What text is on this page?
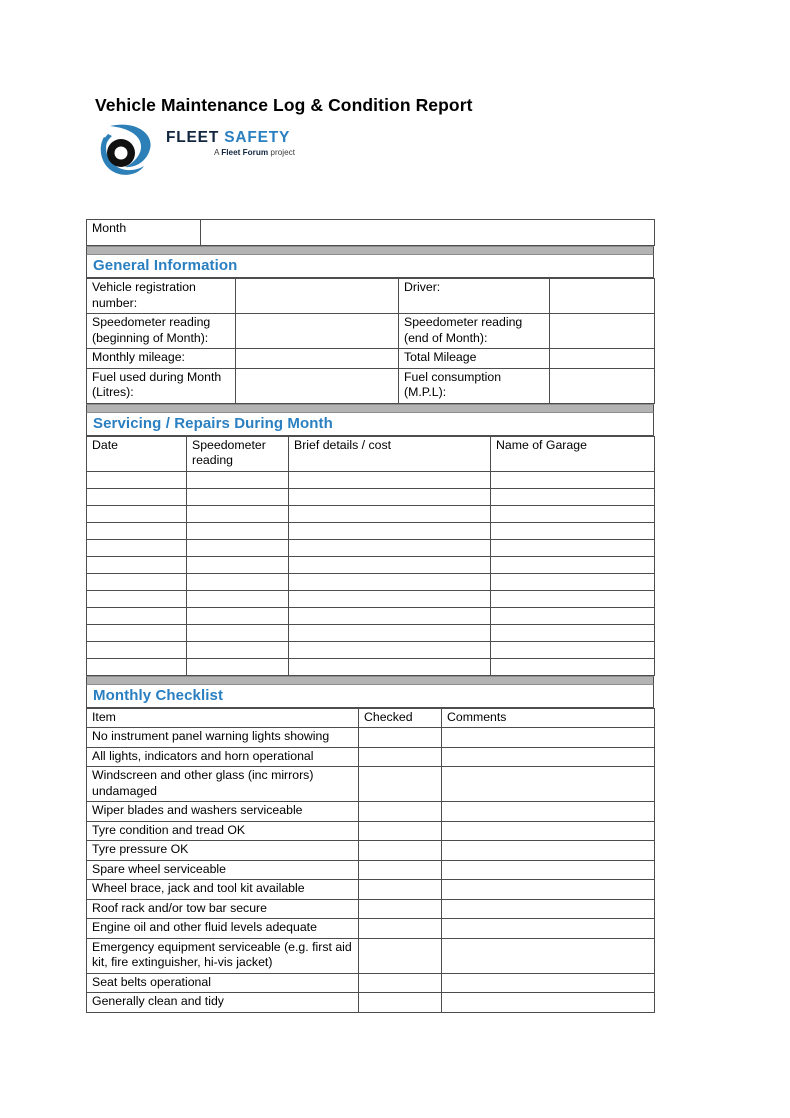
Vehicle Maintenance Log & Condition Report
FLEET SAFETY
A Fleet Forum project
Month	
General Information
Vehicle registration number:		Driver:	
Speedometer reading (beginning of Month):		Speedometer reading (end of Month):	
Monthly mileage:		Total Mileage	
Fuel used during Month (Litres):		Fuel consumption (M.P.L):	
Servicing / Repairs During Month
Date	Speedometer reading	Brief details / cost	Name of Garage

Monthly Checklist
Item	Checked	Comments
No instrument panel warning lights showing		
All lights, indicators and horn operational		
Windscreen and other glass (inc mirrors) undamaged		
Wiper blades and washers serviceable		
Tyre condition and tread OK		
Tyre pressure OK		
Spare wheel serviceable		
Wheel brace, jack and tool kit available		
Roof rack and/or tow bar secure		
Engine oil and other fluid levels adequate		
Emergency equipment serviceable (e.g. first aid kit, fire extinguisher, hi-vis jacket)		
Seat belts operational		
Generally clean and tidy		
